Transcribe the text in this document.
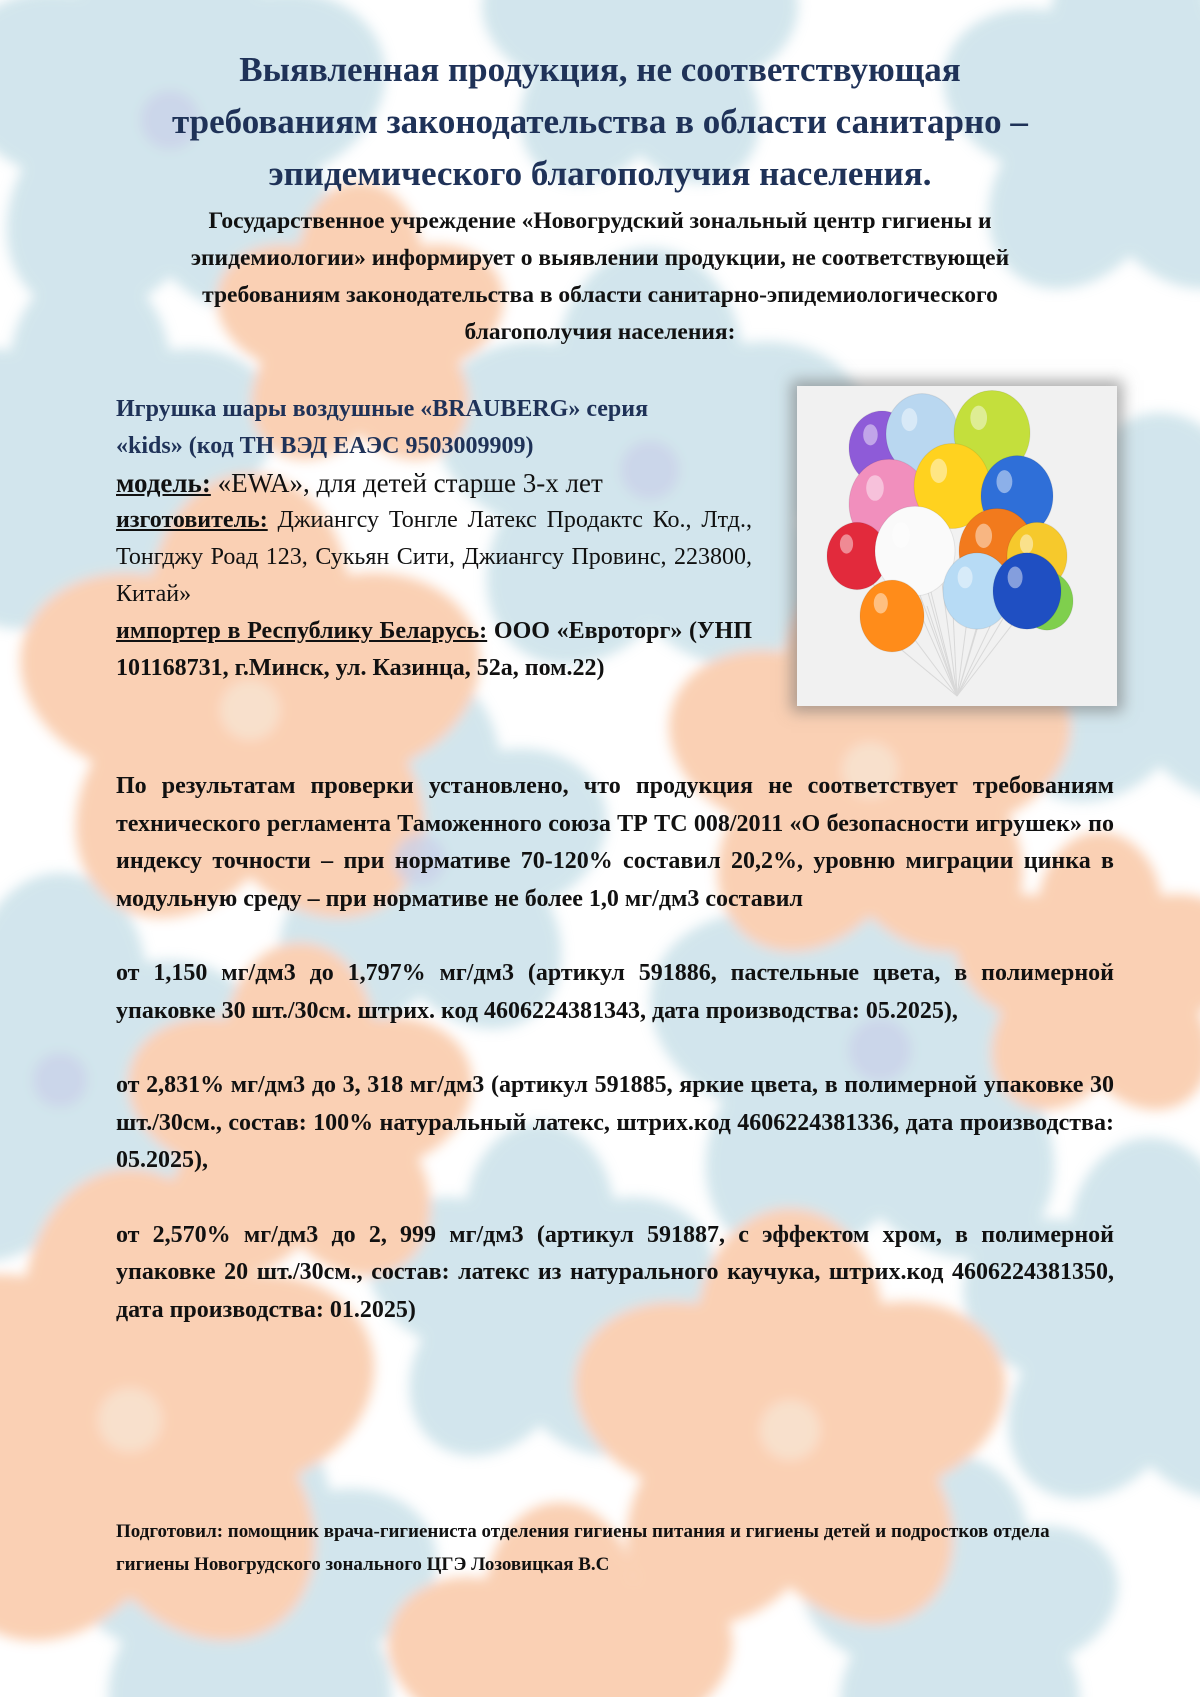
Выявленная продукция, не соответствующая
требованиям законодательства в области санитарно –
эпидемического благополучия населения.
Государственное учреждение «Новогрудский зональный центр гигиены и
эпидемиологии» информирует о выявлении продукции, не соответствующей
требованиям законодательства в области санитарно-эпидемиологического
благополучия населения:
Игрушка шары воздушные «BRAUBERG» серия
«kids» (код ТН ВЭД ЕАЭС 9503009909)
модель: «EWA», для детей старше 3-х лет
изготовитель: Джиангсу Тонгле Латекс Продактс Ко., Лтд., Тонгджу Роад 123, Сукьян Сити, Джиангсу Провинс, 223800, Китай»
импортер в Республику Беларусь: ООО «Евроторг» (УНП 101168731, г.Минск, ул. Казинца, 52а, пом.22)
По результатам проверки установлено, что продукция не соответствует требованиям технического регламента Таможенного союза ТР ТС 008/2011 «О безопасности игрушек» по индексу точности – при нормативе 70-120% составил 20,2%, уровню миграции цинка в модульную среду – при нормативе не более 1,0 мг/дм3 составил
от 1,150 мг/дм3 до 1,797% мг/дм3 (артикул 591886, пастельные цвета, в полимерной упаковке 30 шт./30см. штрих. код 4606224381343, дата производства: 05.2025),
от 2,831% мг/дм3 до 3, 318 мг/дм3 (артикул 591885, яркие цвета, в полимерной упаковке 30 шт./30см., состав: 100% натуральный латекс, штрих.код 4606224381336, дата производства: 05.2025),
от 2,570% мг/дм3 до 2, 999 мг/дм3 (артикул 591887, с эффектом хром, в полимерной упаковке 20 шт./30см., состав: латекс из натурального каучука, штрих.код 4606224381350, дата производства: 01.2025)
Подготовил: помощник врача-гигиениста отделения гигиены питания и гигиены детей и подростков отдела гигиены Новогрудского зонального ЦГЭ Лозовицкая В.С
